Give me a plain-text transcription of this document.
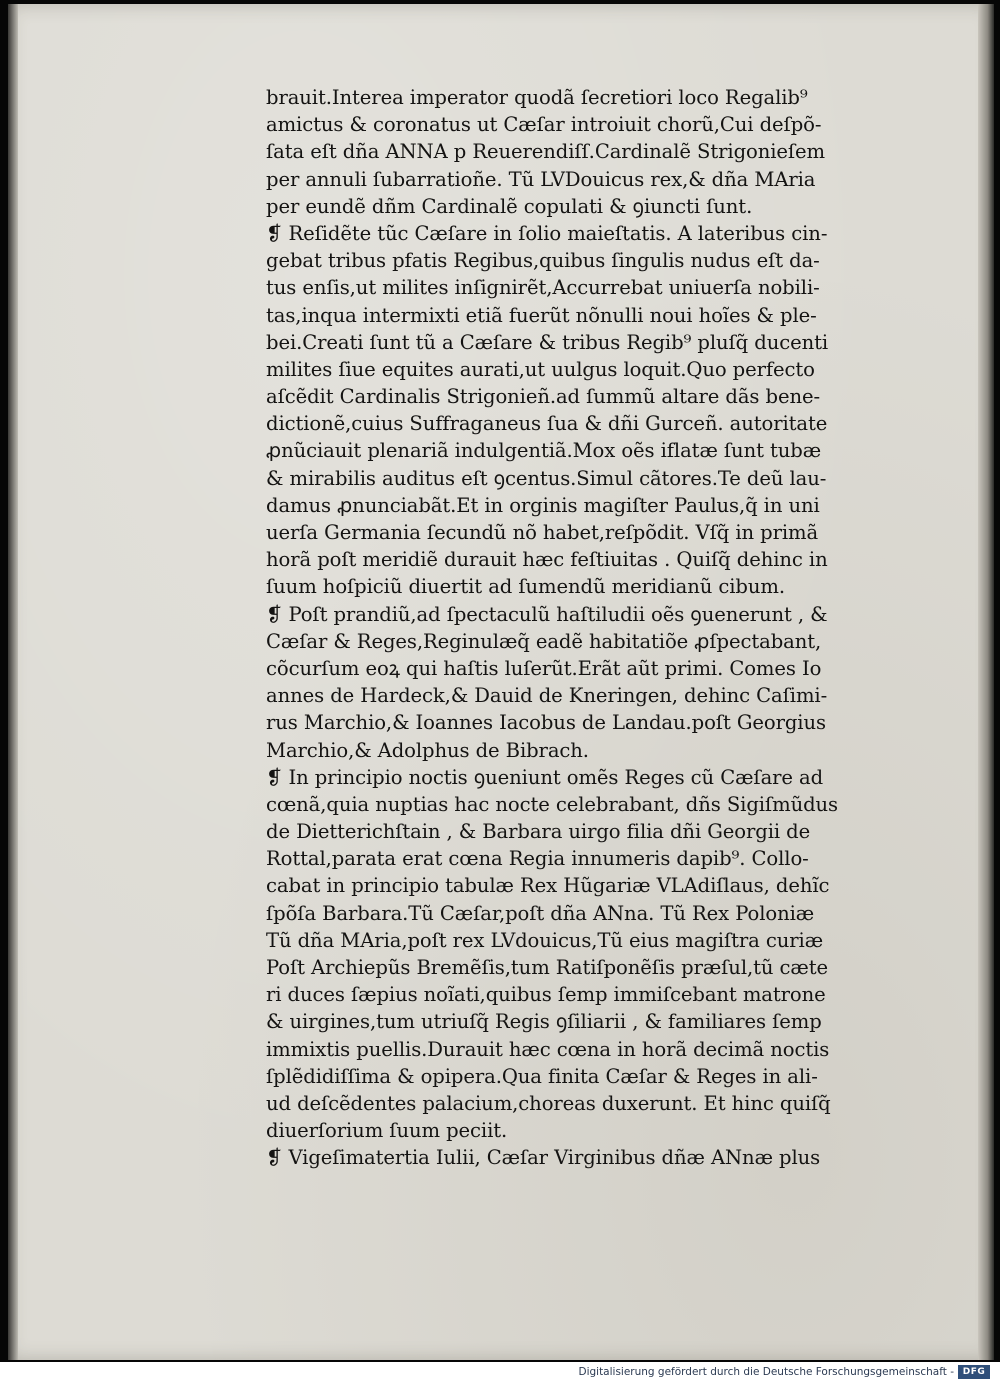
brauit.Interea imperator quodã ſecretiori loco Regalib⁹
amictus & coronatus ut Cæſar introiuit chorũ,Cui deſpõ-
ſata eſt dña ANNA p Reuerendiſſ.Cardinalẽ Strigonieſem
per annuli ſubarratioñe. Tũ LVDouicus rex,& dña MAria
per eundẽ dñm Cardinalẽ copulati & ꝯiuncti ſunt.
❡ Reſidẽte tũc Cæſare in ſolio maieſtatis. A lateribus cin-
gebat tribus pfatis Regibus,quibus ſingulis nudus eſt da-
tus enſis,ut milites inſignirẽt,Accurrebat uniuerſa nobili-
tas,inqua intermixti etiã fuerũt nõnulli noui hoĩes & ple-
bei.Creati ſunt tũ a Cæſare & tribus Regib⁹ pluſq̃ ducenti
milites ſiue equites aurati,ut uulgus loquit.Quo perfecto
aſcẽdit Cardinalis Strigonieñ.ad ſummũ altare dãs bene-
dictionẽ,cuius Suffraganeus ſua & dñi Gurceñ. autoritate
ꝓnũciauit plenariã indulgentiã.Mox oẽs iflatæ ſunt tubæ
& mirabilis auditus eſt ꝯcentus.Simul cãtores.Te deũ lau-
damus ꝓnunciabãt.Et in orginis magiſter Paulus,q̃ in uni
uerſa Germania ſecundũ nõ habet,reſpõdit. Vſq̃ in primã
horã poſt meridiẽ durauit hæc feſtiuitas . Quiſq̃ dehinc in
ſuum hoſpiciũ diuertit ad ſumendũ meridianũ cibum.
❡ Poſt prandiũ,ad ſpectaculũ haſtiludii oẽs ꝯuenerunt , &
Cæſar & Reges,Reginulæq̃ eadẽ habitatiõe ꝓſpectabant,
cõcurſum eoꝝ qui haſtis luſerũt.Erãt aũt primi. Comes Io
annes de Hardeck,& Dauid de Kneringen, dehinc Caſimi-
rus Marchio,& Ioannes Iacobus de Landau.poſt Georgius
Marchio,& Adolphus de Bibrach.
❡ In principio noctis ꝯueniunt omẽs Reges cũ Cæſare ad
cœnã,quia nuptias hac nocte celebrabant, dñs Sigiſmũdus
de Dietterichſtain , & Barbara uirgo filia dñi Georgii de
Rottal,parata erat cœna Regia innumeris dapib⁹. Collo-
cabat in principio tabulæ Rex Hũgariæ VLAdiſlaus, dehĩc
ſpõſa Barbara.Tũ Cæſar,poſt dña ANna. Tũ Rex Poloniæ
Tũ dña MAria,poſt rex LVdouicus,Tũ eius magiſtra curiæ
Poſt Archiepũs Bremẽſis,tum Ratiſponẽſis præſul,tũ cæte
ri duces ſæpius noĩati,quibus ſemp immiſcebant matrone
& uirgines,tum utriuſq̃ Regis ꝯſiliarii , & familiares ſemp
immixtis puellis.Durauit hæc cœna in horã decimã noctis
ſplẽdidiſſima & opipera.Qua finita Cæſar & Reges in ali-
ud deſcẽdentes palacium,choreas duxerunt. Et hinc quiſq̃
diuerſorium ſuum peciit.
❡ Vigeſimatertia Iulii, Cæſar Virginibus dñæ ANnæ plus
Digitalisierung gefördert durch die Deutsche Forschungsgemeinschaft - DFG
